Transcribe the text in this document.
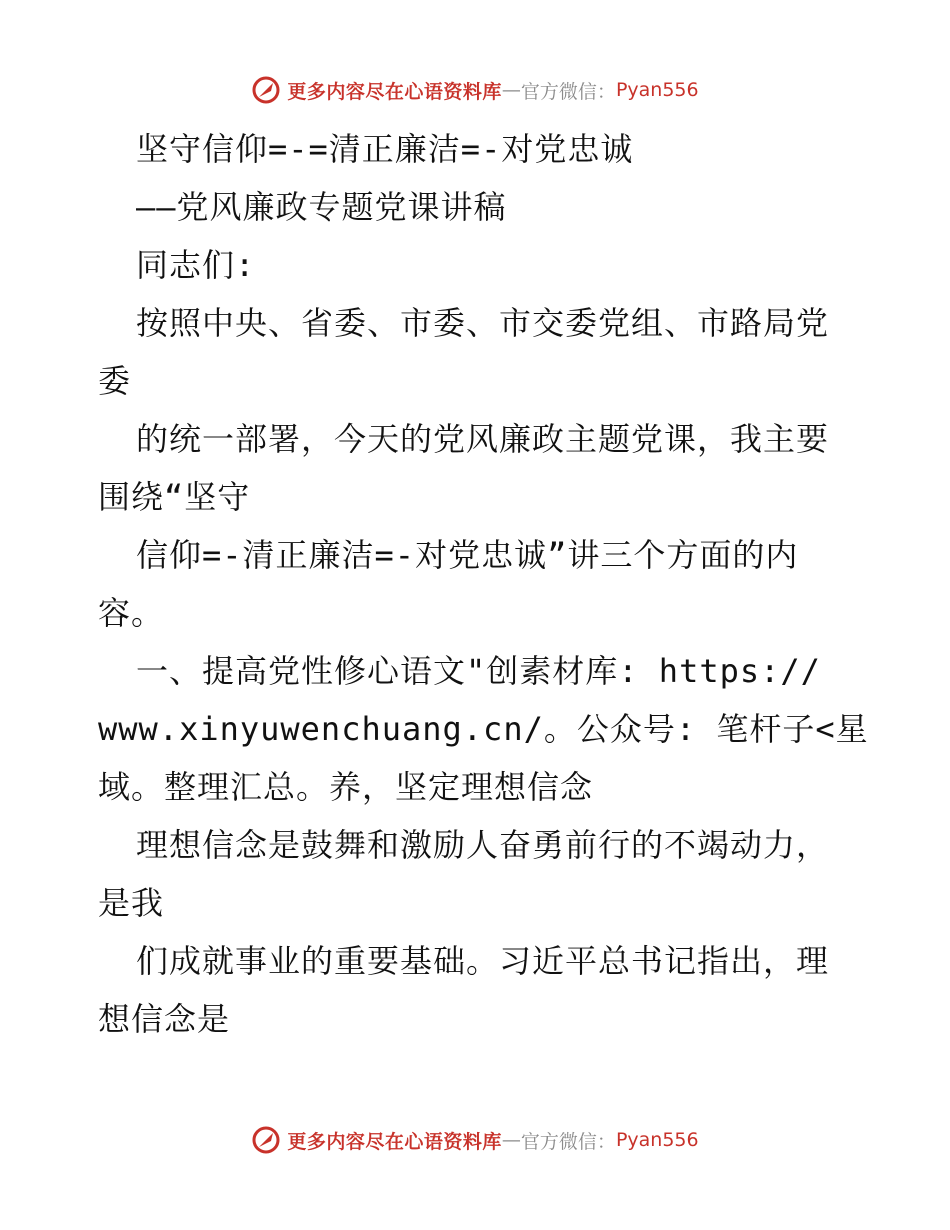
更多内容尽在心语资料库 — 官方微信： Pyan556
坚守信仰=-=清正廉洁=-对党忠诚
——党风廉政专题党课讲稿
同志们:
按照中央、省委、市委、市交委党组、市路局党
委
的统一部署，今天的党风廉政主题党课，我主要
围绕“坚守
信仰=-清正廉洁=-对党忠诚”讲三个方面的内
容。
一、提高党性修心语文"创素材库: https://
www.xinyuwenchuang.cn/。公众号: 笔杆子<星
域。整理汇总。养，坚定理想信念
理想信念是鼓舞和激励人奋勇前行的不竭动力，
是我
们成就事业的重要基础。习近平总书记指出，理
想信念是
更多内容尽在心语资料库 — 官方微信： Pyan556
